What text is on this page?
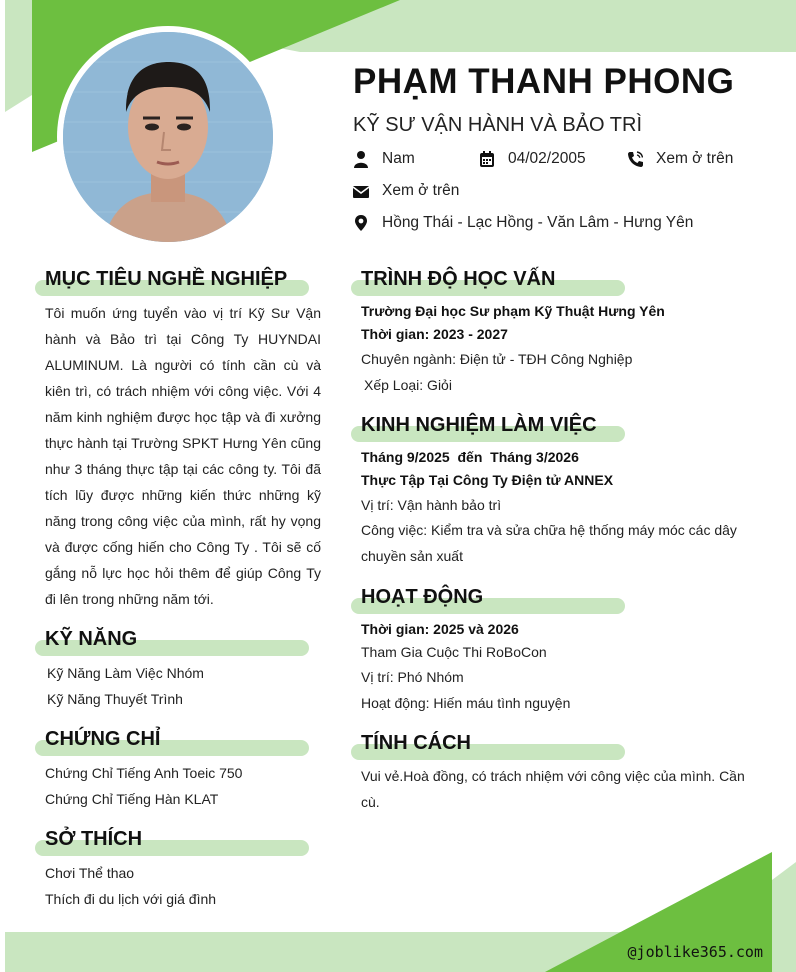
PHẠM THANH PHONG
KỸ SƯ VẬN HÀNH VÀ BẢO TRÌ
Nam	04/02/2005	Xem ở trên
Xem ở trên
Hồng Thái - Lạc Hồng - Văn Lâm - Hưng Yên
MỤC TIÊU NGHỀ NGHIỆP
Tôi muốn ứng tuyển vào vị trí Kỹ Sư Vận hành và Bảo trì tại Công Ty HUYNDAI ALUMINUM. Là người có tính cần cù và kiên trì, có trách nhiệm với công việc. Với 4 năm kinh nghiệm được học tập và đi xưởng thực hành tại Trường SPKT Hưng Yên cũng như 3 tháng thực tập tại các công ty. Tôi đã tích lũy được những kiến thức những kỹ năng trong công việc của mình, rất hy vọng và được cống hiến cho Công Ty . Tôi sẽ cố gắng nỗ lực học hỏi thêm để giúp Công Ty đi lên trong những năm tới.
KỸ NĂNG
Kỹ Năng Làm Việc Nhóm
Kỹ Năng Thuyết Trình
CHỨNG CHỈ
Chứng Chỉ Tiếng Anh Toeic 750
Chứng Chỉ Tiếng Hàn KLAT
SỞ THÍCH
Chơi Thể thao
Thích đi du lịch với giá đình
TRÌNH ĐỘ HỌC VẤN
Trường Đại học Sư phạm Kỹ Thuật Hưng Yên
Thời gian: 2023 - 2027
Chuyên ngành: Điện tử - TĐH Công Nghiệp
Xếp Loại: Giỏi
KINH NGHIỆM LÀM VIỆC
Tháng 9/2025  đến  Tháng 3/2026
Thực Tập Tại Công Ty Điện tử ANNEX
Vị trí: Vận hành bảo trì
Công việc: Kiểm tra và sửa chữa hệ thống máy móc các dây chuyền sản xuất
HOẠT ĐỘNG
Thời gian: 2025 và 2026
Tham Gia Cuộc Thi RoBoCon
Vị trí: Phó Nhóm
Hoạt động: Hiến máu tình nguyện
TÍNH CÁCH
Vui vẻ.Hoà đồng, có trách nhiệm với công việc của mình. Cần cù.
@joblike365.com
